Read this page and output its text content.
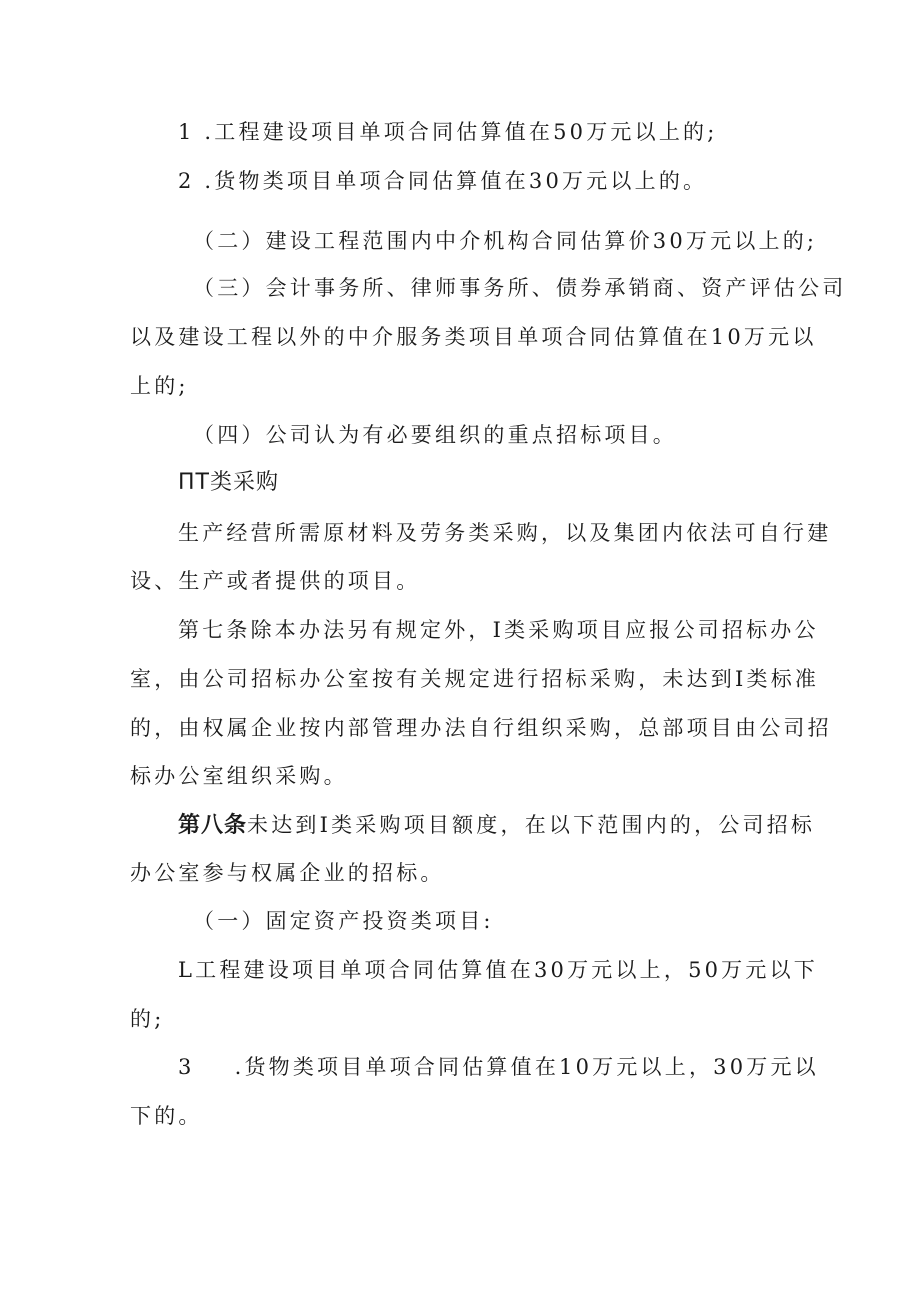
1 .工程建设项目单项合同估算值在50万元以上的;
2 .货物类项目单项合同估算值在30万元以上的。
（二）建设工程范围内中介机构合同估算价30万元以上的;
（三）会计事务所、律师事务所、债券承销商、资产评估公司
以及建设工程以外的中介服务类项目单项合同估算值在10万元以
上的;
（四）公司认为有必要组织的重点招标项目。
ΠΤ类采购
生产经营所需原材料及劳务类采购，以及集团内依法可自行建
设、生产或者提供的项目。
第七条除本办法另有规定外，I类采购项目应报公司招标办公
室，由公司招标办公室按有关规定进行招标采购，未达到I类标准
的，由权属企业按内部管理办法自行组织采购，总部项目由公司招
标办公室组织采购。
第八条未达到I类采购项目额度，在以下范围内的，公司招标
办公室参与权属企业的招标。
（一）固定资产投资类项目:
L工程建设项目单项合同估算值在30万元以上，50万元以下
的;
3 .货物类项目单项合同估算值在10万元以上，30万元以
下的。
